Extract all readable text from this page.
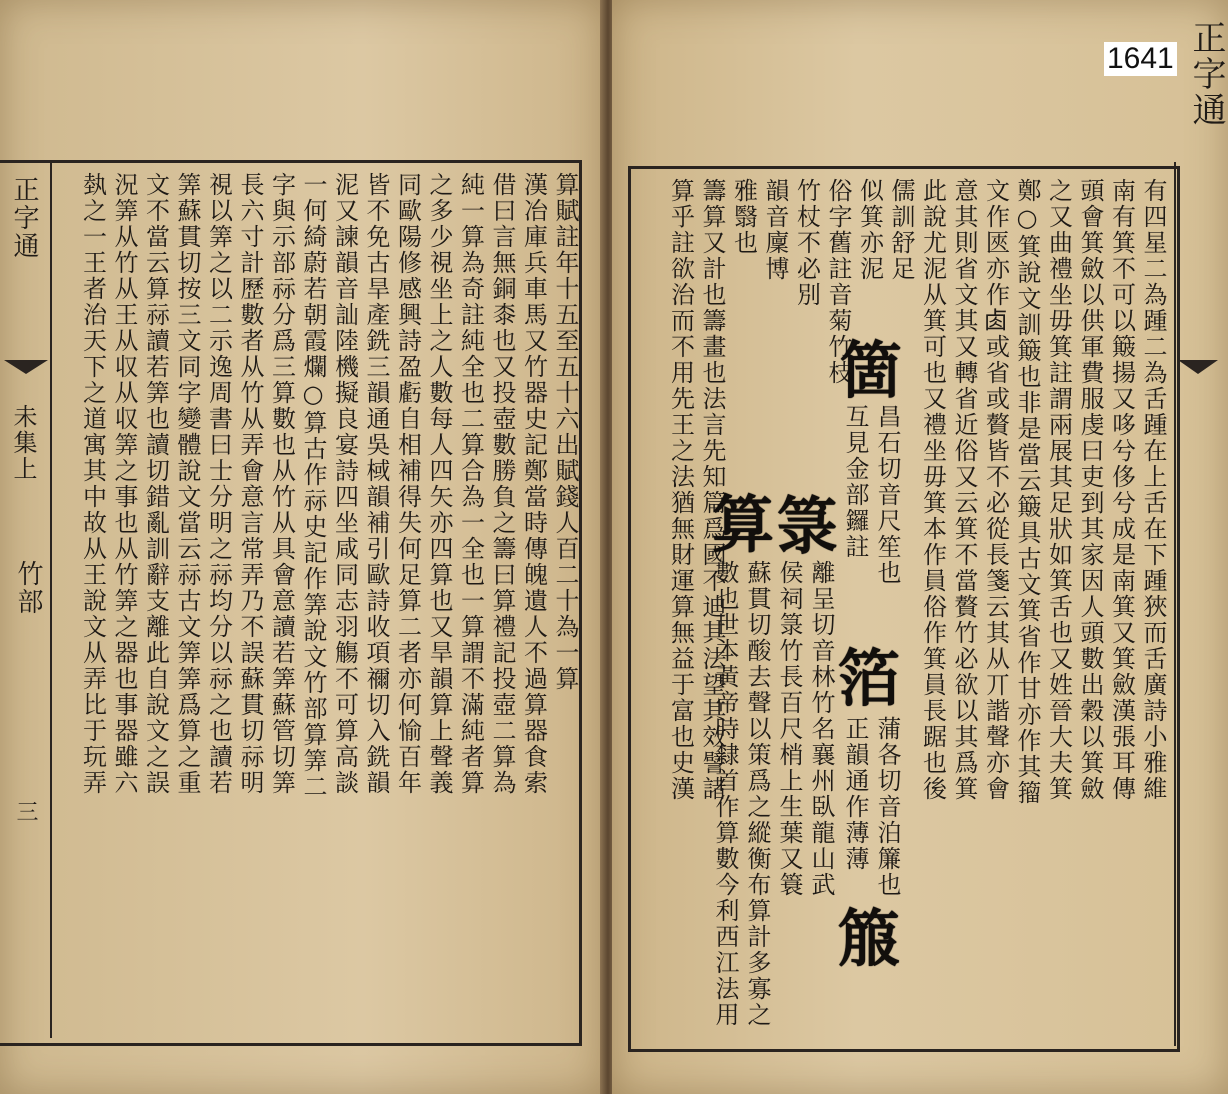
算賦註年十五至五十六出賦錢人百二十為一算
漢冶庫兵車馬又竹器史記鄭當時傳魄遺人不過算器食索
借曰言無銅桼也又投壺數勝負之籌曰算禮記投壺二算為
純一算為奇註純全也二算合為一全也一算謂不滿純者算
之多少視坐上之人數每人四矢亦四算也又旱韻算上聲義
同歐陽修感興詩盈虧自相補得失何足算二者亦何愉百年
皆不免古旱產銑三韻通吳棫韻補引歐詩收項禰切入銑韻
泥又諫韻音訕陸機擬良宴詩四坐咸同志羽觴不可算高談
一何綺蔚若朝霞爛○算古作祘史記作筭說文竹部算筭二
字與示部祘分爲三算數也从竹从具會意讀若筭蘇管切筭
長六寸計歷數者从竹从弄會意言常弄乃不誤蘇貫切祘明
視以筭之以二示逸周書曰士分明之祘均分以祘之也讀若
筭蘇貫切按三文同字變體說文當云祘古文筭筭爲算之重
文不當云算祘讀若筭也讀切錯亂訓辭支離此自說文之誤
況筭从竹从王从収从収筭之事也从竹筭之器也事器雖六
埶之一王者治天下之道寓其中故从王說文从弄比于玩弄
正字通
未集上
竹部
三
正字通
有四星二為踵二為舌踵在上舌在下踵狹而舌廣詩小雅維
南有箕不可以簸揚又哆兮侈兮成是南箕又箕斂漢張耳傳
頭會箕斂以供軍費服虔曰吏到其家因人頭數出穀以箕斂
之又曲禮坐毋箕註謂兩展其足狀如箕舌也又姓晉大夫箕
鄭○箕說文訓簸也非是當云簸具古文箕省作甘亦作其籀
文作匧亦作𠧪或省或贅皆不必從長箋云其从丌諧聲亦會
意其則省文其又轉省近俗又云箕不當贅竹必欲以其爲箕
此說尤泥从箕可也又禮坐毋箕本作員俗作箕員長踞也後
儒訓舒足
似箕亦泥
俗字舊註音菊竹枝
竹杖不必別
韻音廩博
雅翳也
籌算又計也籌畫也法言先知篇爲國不迪其法望其效譬諸
算乎註欲治而不用先王之法猶無財運算無益于富也史漢 箇
箓
箔
箙
算	昌石切音尺笙也
互見金部鑼註
離呈切音林竹名襄州臥龍山武
侯祠箓竹長百尺梢上生葉又簑	蒲各切音泊簾也
正韻通作薄薄
蘇貫切酸去聲以策爲之縱衡布算計多寡之
數也世本黃帝時隸首作算數今利西江法用
1641
